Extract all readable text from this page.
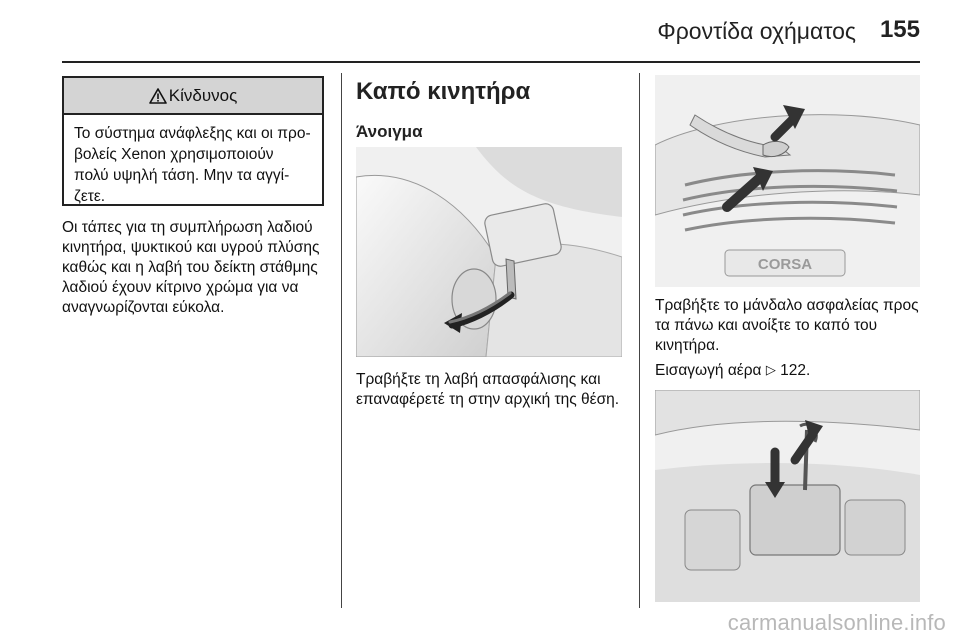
Φροντίδα οχήματος 155
Κίνδυνος
Το σύστημα ανάφλεξης και οι προ-βολείς Xenon χρησιμοποιούν πολύ υψηλή τάση. Μην τα αγγί-ζετε.
Οι τάπες για τη συμπλήρωση λαδιού κινητήρα, ψυκτικού και υγρού πλύσης καθώς και η λαβή του δείκτη στάθμης λαδιού έχουν κίτρινο χρώμα για να αναγνωρίζονται εύκολα.
Καπό κινητήρα
Άνοιγμα
Τραβήξτε τη λαβή απασφάλισης και επαναφέρετέ τη στην αρχική της θέση.
CORSA
Τραβήξτε το μάνδαλο ασφαλείας προς τα πάνω και ανοίξτε το καπό του κινητήρα.
Εισαγωγή αέρα ▷ 122.
carmanualsonline.info
